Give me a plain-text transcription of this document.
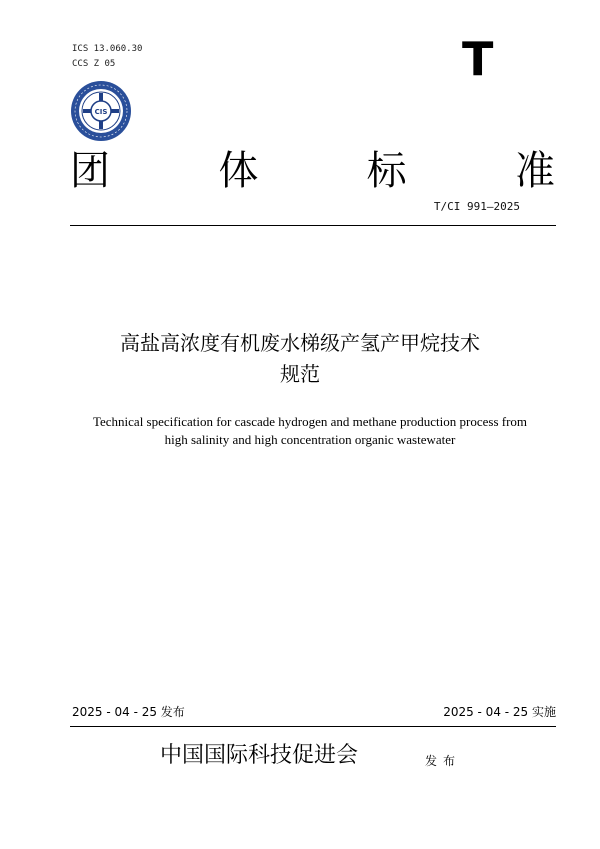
ICS 13.060.30
CCS Z 05	T
CIS
团	体	标	准
T/CI 991—2025
高盐高浓度有机废水梯级产氢产甲烷技术
规范
Technical specification for cascade hydrogen and methane production process from
high salinity and high concentration organic wastewater
2025 - 04 - 25 发布	2025 - 04 - 25 实施
中国国际科技促进会	发布
